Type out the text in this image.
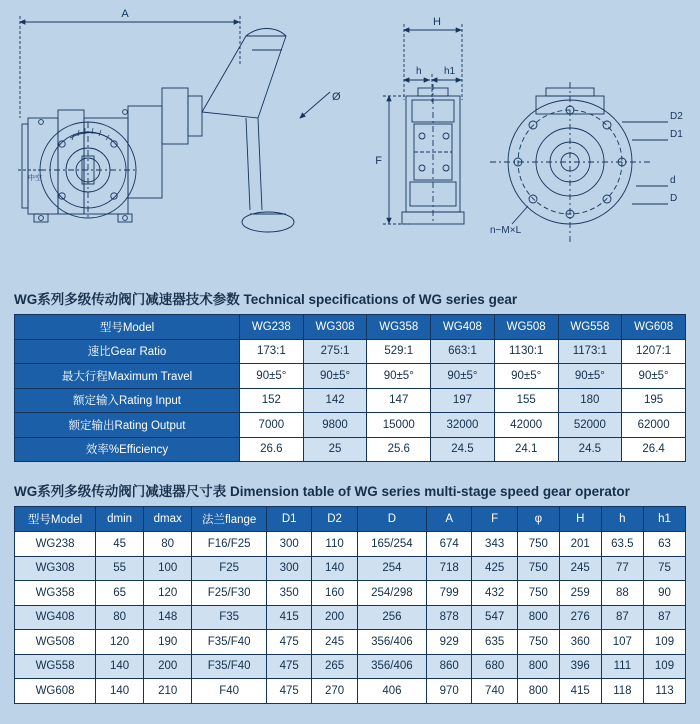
A
Ø
中空
H
h h1
F
D2
D1
d
D
n−M×L
WG系列多级传动阀门减速器技术参数 Technical specifications of WG series gear
型号Model	WG238	WG308	WG358	WG408	WG508	WG558	WG608
速比Gear Ratio	173:1	275:1	529:1	663:1	1130:1	1173:1	1207:1
最大行程Maximum Travel	90±5°	90±5°	90±5°	90±5°	90±5°	90±5°	90±5°
额定输入Rating Input	152	142	147	197	155	180	195
额定输出Rating Output	7000	9800	15000	32000	42000	52000	62000
效率%Efficiency	26.6	25	25.6	24.5	24.1	24.5	26.4
WG系列多级传动阀门减速器尺寸表 Dimension table of WG series multi-stage speed gear operator
型号Model	dmin	dmax	法兰flange	D1	D2	D	A	F	φ	H	h	h1
WG238	45	80	F16/F25	300	110	165/254	674	343	750	201	63.5	63
WG308	55	100	F25	300	140	254	718	425	750	245	77	75
WG358	65	120	F25/F30	350	160	254/298	799	432	750	259	88	90
WG408	80	148	F35	415	200	256	878	547	800	276	87	87
WG508	120	190	F35/F40	475	245	356/406	929	635	750	360	107	109
WG558	140	200	F35/F40	475	265	356/406	860	680	800	396	111	109
WG608	140	210	F40	475	270	406	970	740	800	415	118	113
